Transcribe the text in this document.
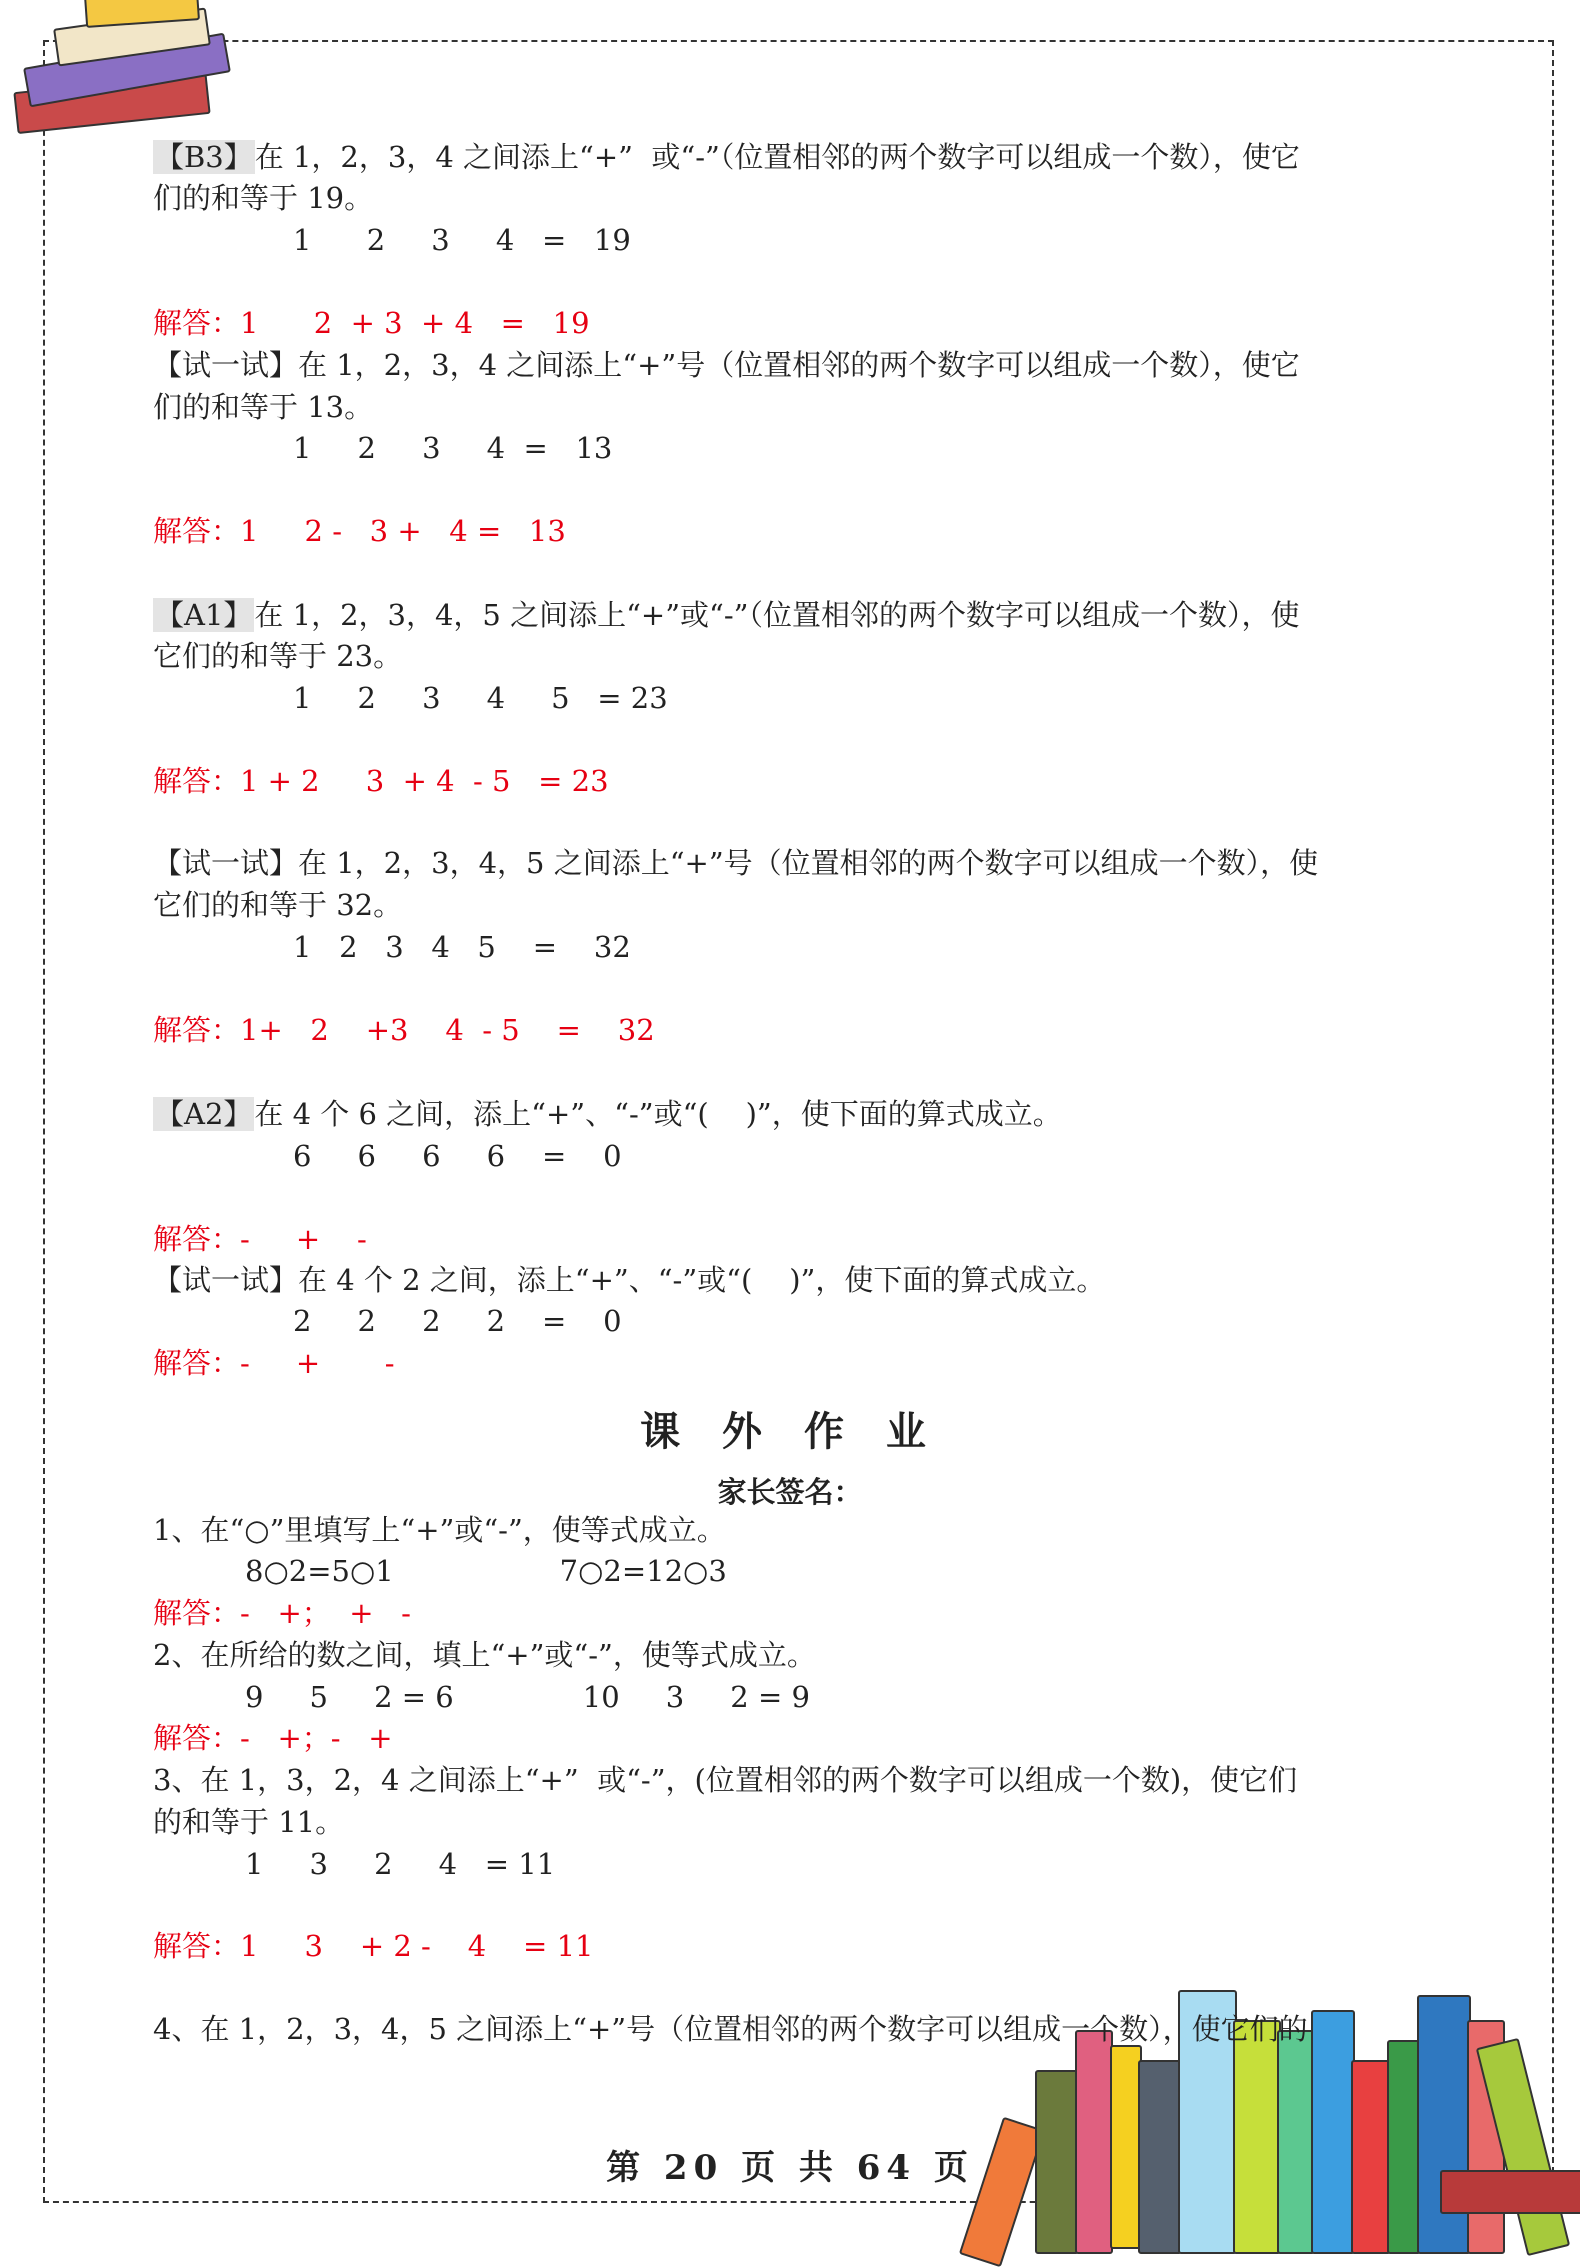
【B3】在 1，2，3，4 之间添上“+”  或“-”（位置相邻的两个数字可以组成一个数），使它
们的和等于 19。
1      2     3     4   =   19
解答：1      2  + 3  + 4   =   19
【试一试】在 1，2，3，4 之间添上“+”号（位置相邻的两个数字可以组成一个数），使它
们的和等于 13。
1     2     3     4  =   13
解答：1     2 -   3 +   4 =   13
【A1】在 1，2，3，4，5 之间添上“+”或“-”（位置相邻的两个数字可以组成一个数），使
它们的和等于 23。
1     2     3     4     5   = 23
解答：1 + 2     3  + 4  - 5   = 23
【试一试】在 1，2，3，4，5 之间添上“+”号（位置相邻的两个数字可以组成一个数），使
它们的和等于 32。
1   2   3   4   5    =    32
解答：1+   2    +3    4  - 5    =    32
【A2】在 4 个 6 之间，添上“+”、“-”或“(    )”，使下面的算式成立。
6     6     6     6    =    0
解答：-     +    -
【试一试】在 4 个 2 之间，添上“+”、“-”或“(    )”，使下面的算式成立。
2     2     2     2    =    0
解答：-     +       -
1、在“○”里填写上“+”或“-”，使等式成立。
8○2=5○1                  7○2=12○3
解答：-   +；  +   -
2、在所给的数之间，填上“+”或“-”，使等式成立。
9     5     2 = 6              10     3     2 = 9
解答：-   +；-   +
3、在 1，3，2，4 之间添上“+”  或“-”，(位置相邻的两个数字可以组成一个数)，使它们
的和等于 11。
1     3     2     4   = 11
解答：1     3    + 2 -    4    = 11
4、在 1，2，3，4，5 之间添上“+”号（位置相邻的两个数字可以组成一个数），使它们的
课 外 作 业
家长签名：
第 20 页 共 64 页
